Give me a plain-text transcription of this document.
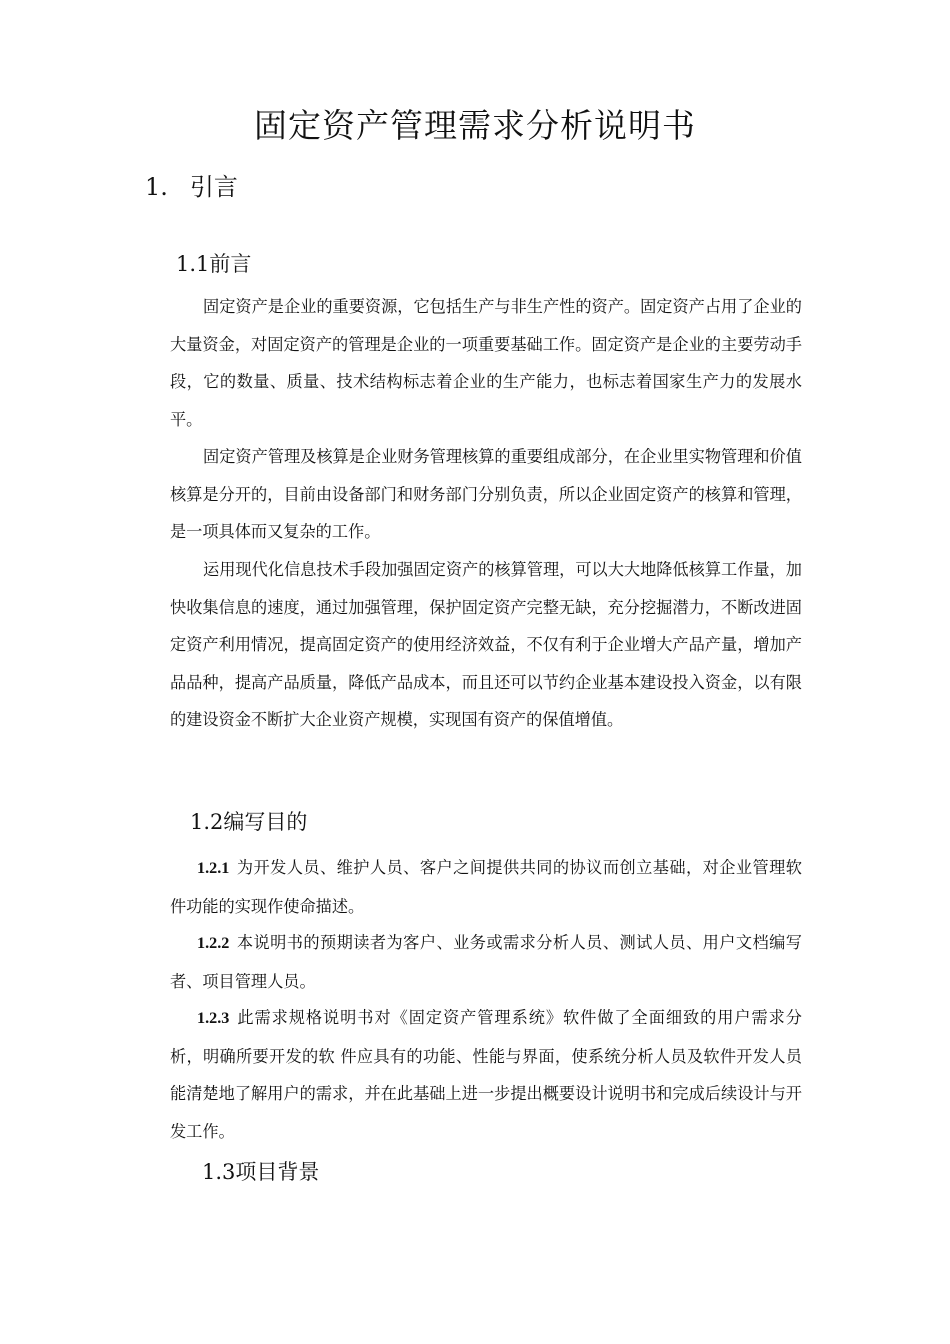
固定资产管理需求分析说明书
1. 引言
1.1前言

固定资产是企业的重要资源，它包括生产与非生产性的资产。固定资产占用了企业的大量资金，对固定资产的管理是企业的一项重要基础工作。固定资产是企业的主要劳动手段，它的数量、质量、技术结构标志着企业的生产能力，也标志着国家生产力的发展水平。

固定资产管理及核算是企业财务管理核算的重要组成部分，在企业里实物管理和价值核算是分开的，目前由设备部门和财务部门分别负责，所以企业固定资产的核算和管理，是一项具体而又复杂的工作。

运用现代化信息技术手段加强固定资产的核算管理，可以大大地降低核算工作量，加快收集信息的速度，通过加强管理，保护固定资产完整无缺，充分挖掘潜力，不断改进固定资产利用情况，提高固定资产的使用经济效益，不仅有利于企业增大产品产量，增加产品品种，提高产品质量，降低产品成本，而且还可以节约企业基本建设投入资金，以有限的建设资金不断扩大企业资产规模，实现国有资产的保值增值。

1.2编写目的

1.2.1 为开发人员、维护人员、客户之间提供共同的协议而创立基础，对企业管理软件功能的实现作使命描述。

1.2.2 本说明书的预期读者为客户、业务或需求分析人员、测试人员、用户文档编写者、项目管理人员。

1.2.3 此需求规格说明书对《固定资产管理系统》软件做了全面细致的用户需求分析，明确所要开发的软 件应具有的功能、性能与界面，使系统分析人员及软件开发人员能清楚地了解用户的需求，并在此基础上进一步提出概要设计说明书和完成后续设计与开发工作。

1.3项目背景
